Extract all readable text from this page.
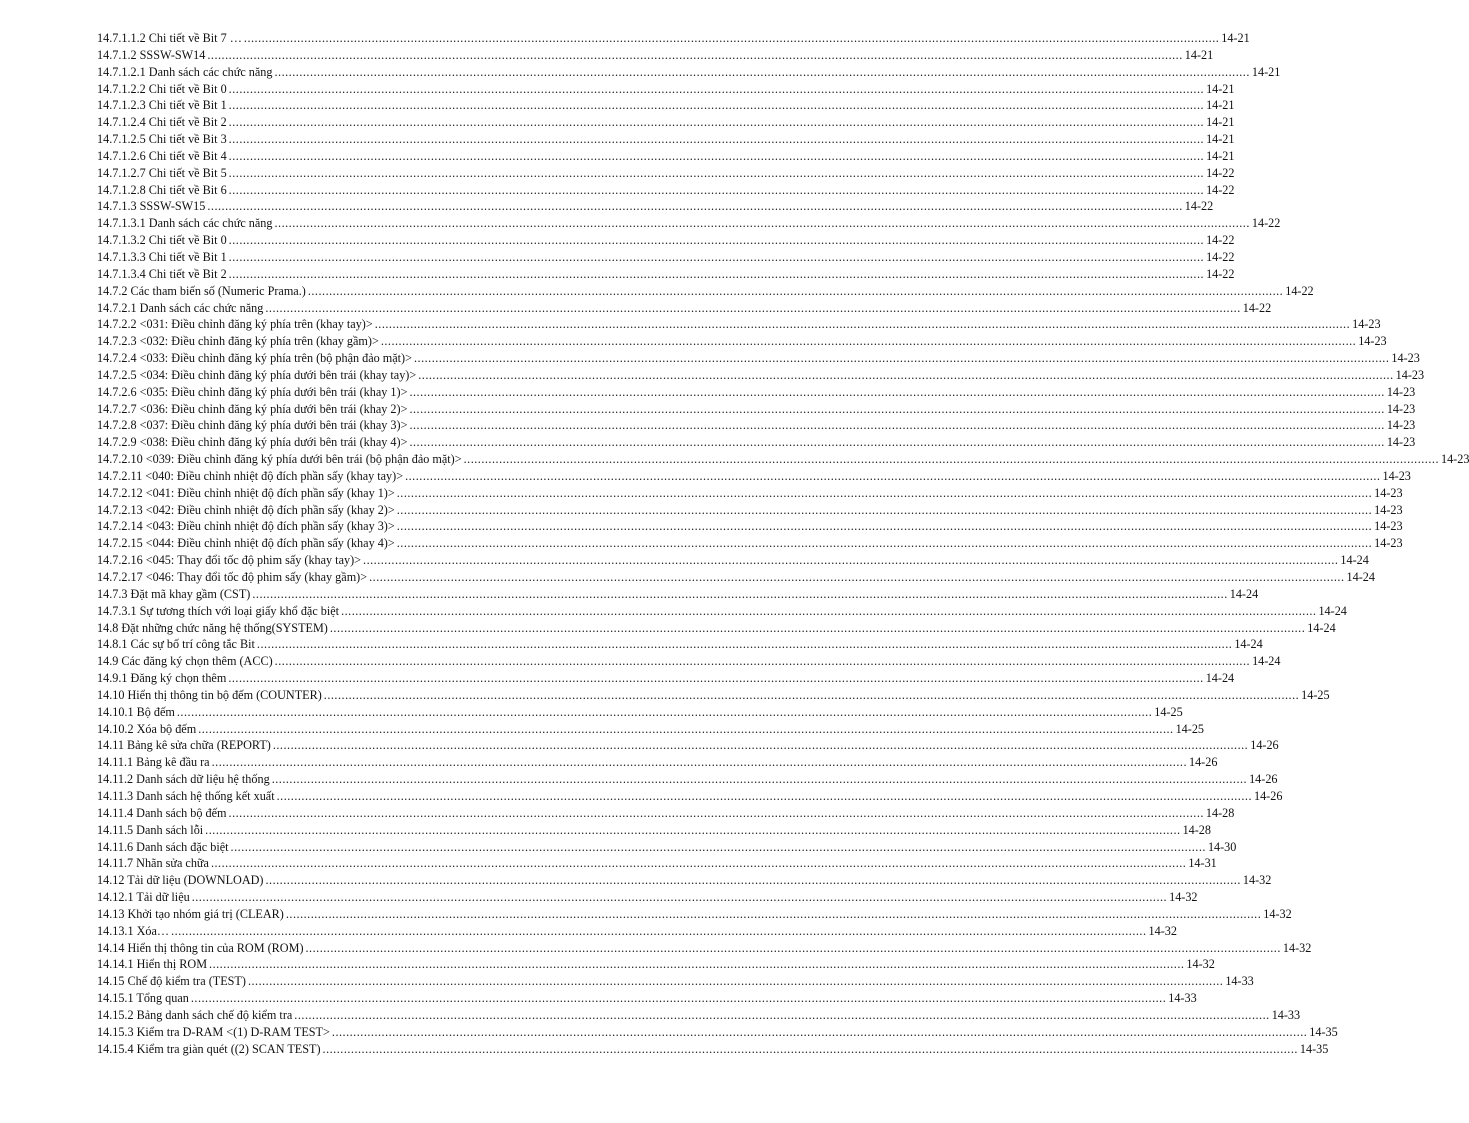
14.7.1.1.2 Chi tiết về Bit 7 … .....	14-21
14.7.1.2 SSSW-SW14 .....	14-21
14.7.1.2.1 Danh sách các chức năng .....	14-21
14.7.1.2.2 Chi tiết về Bit 0 .....	14-21
14.7.1.2.3 Chi tiết về Bit 1 .....	14-21
14.7.1.2.4 Chi tiết về Bit 2 .....	14-21
14.7.1.2.5 Chi tiết về Bit 3 .....	14-21
14.7.1.2.6 Chi tiết về Bit 4 .....	14-21
14.7.1.2.7 Chi tiết về Bit 5 .....	14-22
14.7.1.2.8 Chi tiết về Bit 6 .....	14-22
14.7.1.3 SSSW-SW15 .....	14-22
14.7.1.3.1 Danh sách các chức năng .....	14-22
14.7.1.3.2 Chi tiết về Bit 0 .....	14-22
14.7.1.3.3 Chi tiết về Bit 1 .....	14-22
14.7.1.3.4 Chi tiết về Bit 2 .....	14-22
14.7.2 Các tham biến số (Numeric Prama.) .....	14-22
14.7.2.1 Danh sách các chức năng .....	14-22
14.7.2.2 <031: Điều chỉnh đăng ký phía trên (khay tay)> .....	14-23
14.7.2.3 <032: Điều chỉnh đăng ký phía trên (khay gầm)> .....	14-23
14.7.2.4 <033: Điều chỉnh đăng ký phía trên (bộ phận đảo mặt)> .....	14-23
14.7.2.5 <034: Điều chỉnh đăng ký phía dưới bên trái (khay tay)> .....	14-23
14.7.2.6 <035: Điều chỉnh đăng ký phía dưới bên trái (khay 1)> .....	14-23
14.7.2.7 <036: Điều chỉnh đăng ký phía dưới bên trái (khay 2)> .....	14-23
14.7.2.8 <037: Điều chỉnh đăng ký phía dưới bên trái (khay 3)> .....	14-23
14.7.2.9 <038: Điều chỉnh đăng ký phía dưới bên trái (khay 4)> .....	14-23
14.7.2.10 <039: Điều chỉnh đăng ký phía dưới bên trái (bộ phận đảo mặt)> .....	14-23
14.7.2.11 <040: Điều chỉnh nhiệt độ đích phần sấy (khay tay)> .....	14-23
14.7.2.12 <041: Điều chỉnh nhiệt độ đích phần sấy (khay 1)> .....	14-23
14.7.2.13 <042: Điều chỉnh nhiệt độ đích phần sấy (khay 2)> .....	14-23
14.7.2.14 <043: Điều chỉnh nhiệt độ đích phần sấy (khay 3)> .....	14-23
14.7.2.15 <044: Điều chỉnh nhiệt độ đích phần sấy (khay 4)> .....	14-23
14.7.2.16 <045: Thay đổi tốc độ phim sấy (khay tay)> .....	14-24
14.7.2.17 <046: Thay đổi tốc độ phim sấy (khay gầm)> .....	14-24
14.7.3 Đặt mã khay gầm (CST) .....	14-24
14.7.3.1 Sự tương thích với loại giấy khổ đặc biệt .....	14-24
14.8 Đặt những chức năng hệ thống(SYSTEM) .....	14-24
14.8.1 Các sự bố trí công tắc Bit .....	14-24
14.9 Các đăng ký chọn thêm (ACC) .....	14-24
14.9.1 Đăng ký chọn thêm .....	14-24
14.10 Hiển thị thông tin bộ đếm (COUNTER) .....	14-25
14.10.1 Bộ đếm .....	14-25
14.10.2 Xóa bộ đếm .....	14-25
14.11 Bảng kê sửa chữa (REPORT) .....	14-26
14.11.1 Bảng kê đầu ra .....	14-26
14.11.2 Danh sách dữ liệu hệ thống .....	14-26
14.11.3 Danh sách hệ thống kết xuất .....	14-26
14.11.4 Danh sách bộ đếm .....	14-28
14.11.5 Danh sách lỗi .....	14-28
14.11.6 Danh sách đặc biệt .....	14-30
14.11.7 Nhãn sửa chữa .....	14-31
14.12 Tải dữ liệu (DOWNLOAD) .....	14-32
14.12.1 Tải dữ liệu .....	14-32
14.13 Khởi tạo nhóm giá trị (CLEAR) .....	14-32
14.13.1 Xóa… .....	14-32
14.14 Hiển thị thông tin của ROM (ROM) .....	14-32
14.14.1 Hiển thị ROM .....	14-32
14.15 Chế độ kiểm tra (TEST) .....	14-33
14.15.1 Tổng quan .....	14-33
14.15.2 Bảng danh sách chế độ kiểm tra .....	14-33
14.15.3 Kiểm tra D-RAM <(1) D-RAM TEST> .....	14-35
14.15.4 Kiểm tra giàn quét ((2) SCAN TEST) .....	14-35
